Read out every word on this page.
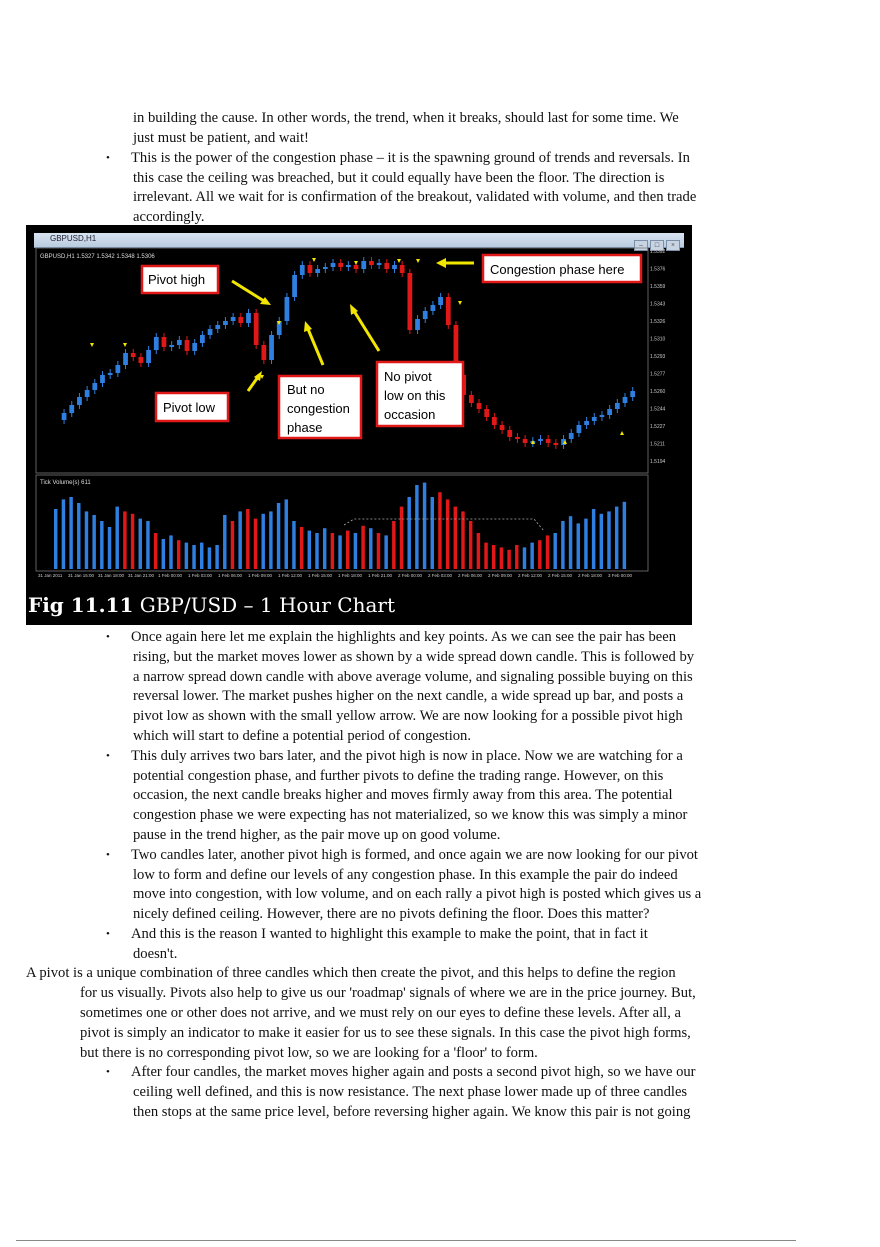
in building the cause. In other words, the trend, when it breaks, should last for some time. We
just must be patient, and wait!
• This is the power of the congestion phase – it is the spawning ground of trends and reversals. In
this case the ceiling was breached, but it could equally have been the floor. The direction is
irrelevant. All we wait for is confirmation of the breakout, validated with volume, and then trade
accordingly.
GBPUSD,H1
– □ ×
GBPUSD,H1 1.5327 1.5342 1.5348 1.5306
Tick Volume(s) 611
1.5392
1.5376
1.5359
1.5343
1.5326
1.5310
1.5293
1.5277
1.5260
1.5244
1.5227
1.5211
1.5194
31 Jan 2011 31 Jan 15:00 31 Jan 18:00 31 Jan 21:00 1 Feb 00:00 1 Feb 03:00 1 Feb 06:00 1 Feb 09:00 1 Feb 12:00 1 Feb 15:00 1 Feb 18:00 1 Feb 21:00 2 Feb 00:00 2 Feb 03:00 2 Feb 06:00 2 Feb 09:00 2 Feb 12:00 2 Feb 15:00 2 Feb 18:00 3 Feb 00:00
Pivot high
Pivot low
But no
congestion
phase
No pivot
low on this
occasion
Congestion phase here
Fig 11.11 GBP/USD – 1 Hour Chart
• Once again here let me explain the highlights and key points. As we can see the pair has been
rising, but the market moves lower as shown by a wide spread down candle. This is followed by
a narrow spread down candle with above average volume, and signaling possible buying on this
reversal lower. The market pushes higher on the next candle, a wide spread up bar, and posts a
pivot low as shown with the small yellow arrow. We are now looking for a possible pivot high
which will start to define a potential period of congestion.
• This duly arrives two bars later, and the pivot high is now in place. Now we are watching for a
potential congestion phase, and further pivots to define the trading range. However, on this
occasion, the next candle breaks higher and moves firmly away from this area. The potential
congestion phase we were expecting has not materialized, so we know this was simply a minor
pause in the trend higher, as the pair move up on good volume.
• Two candles later, another pivot high is formed, and once again we are now looking for our pivot
low to form and define our levels of any congestion phase. In this example the pair do indeed
move into congestion, with low volume, and on each rally a pivot high is posted which gives us a
nicely defined ceiling. However, there are no pivots defining the floor. Does this matter?
• And this is the reason I wanted to highlight this example to make the point, that in fact it
doesn't.
A pivot is a unique combination of three candles which then create the pivot, and this helps to define the region
for us visually. Pivots also help to give us our 'roadmap' signals of where we are in the price journey. But,
sometimes one or other does not arrive, and we must rely on our eyes to define these levels. After all, a
pivot is simply an indicator to make it easier for us to see these signals. In this case the pivot high forms,
but there is no corresponding pivot low, so we are looking for a 'floor' to form.
• After four candles, the market moves higher again and posts a second pivot high, so we have our
ceiling well defined, and this is now resistance. The next phase lower made up of three candles
then stops at the same price level, before reversing higher again. We know this pair is not going
